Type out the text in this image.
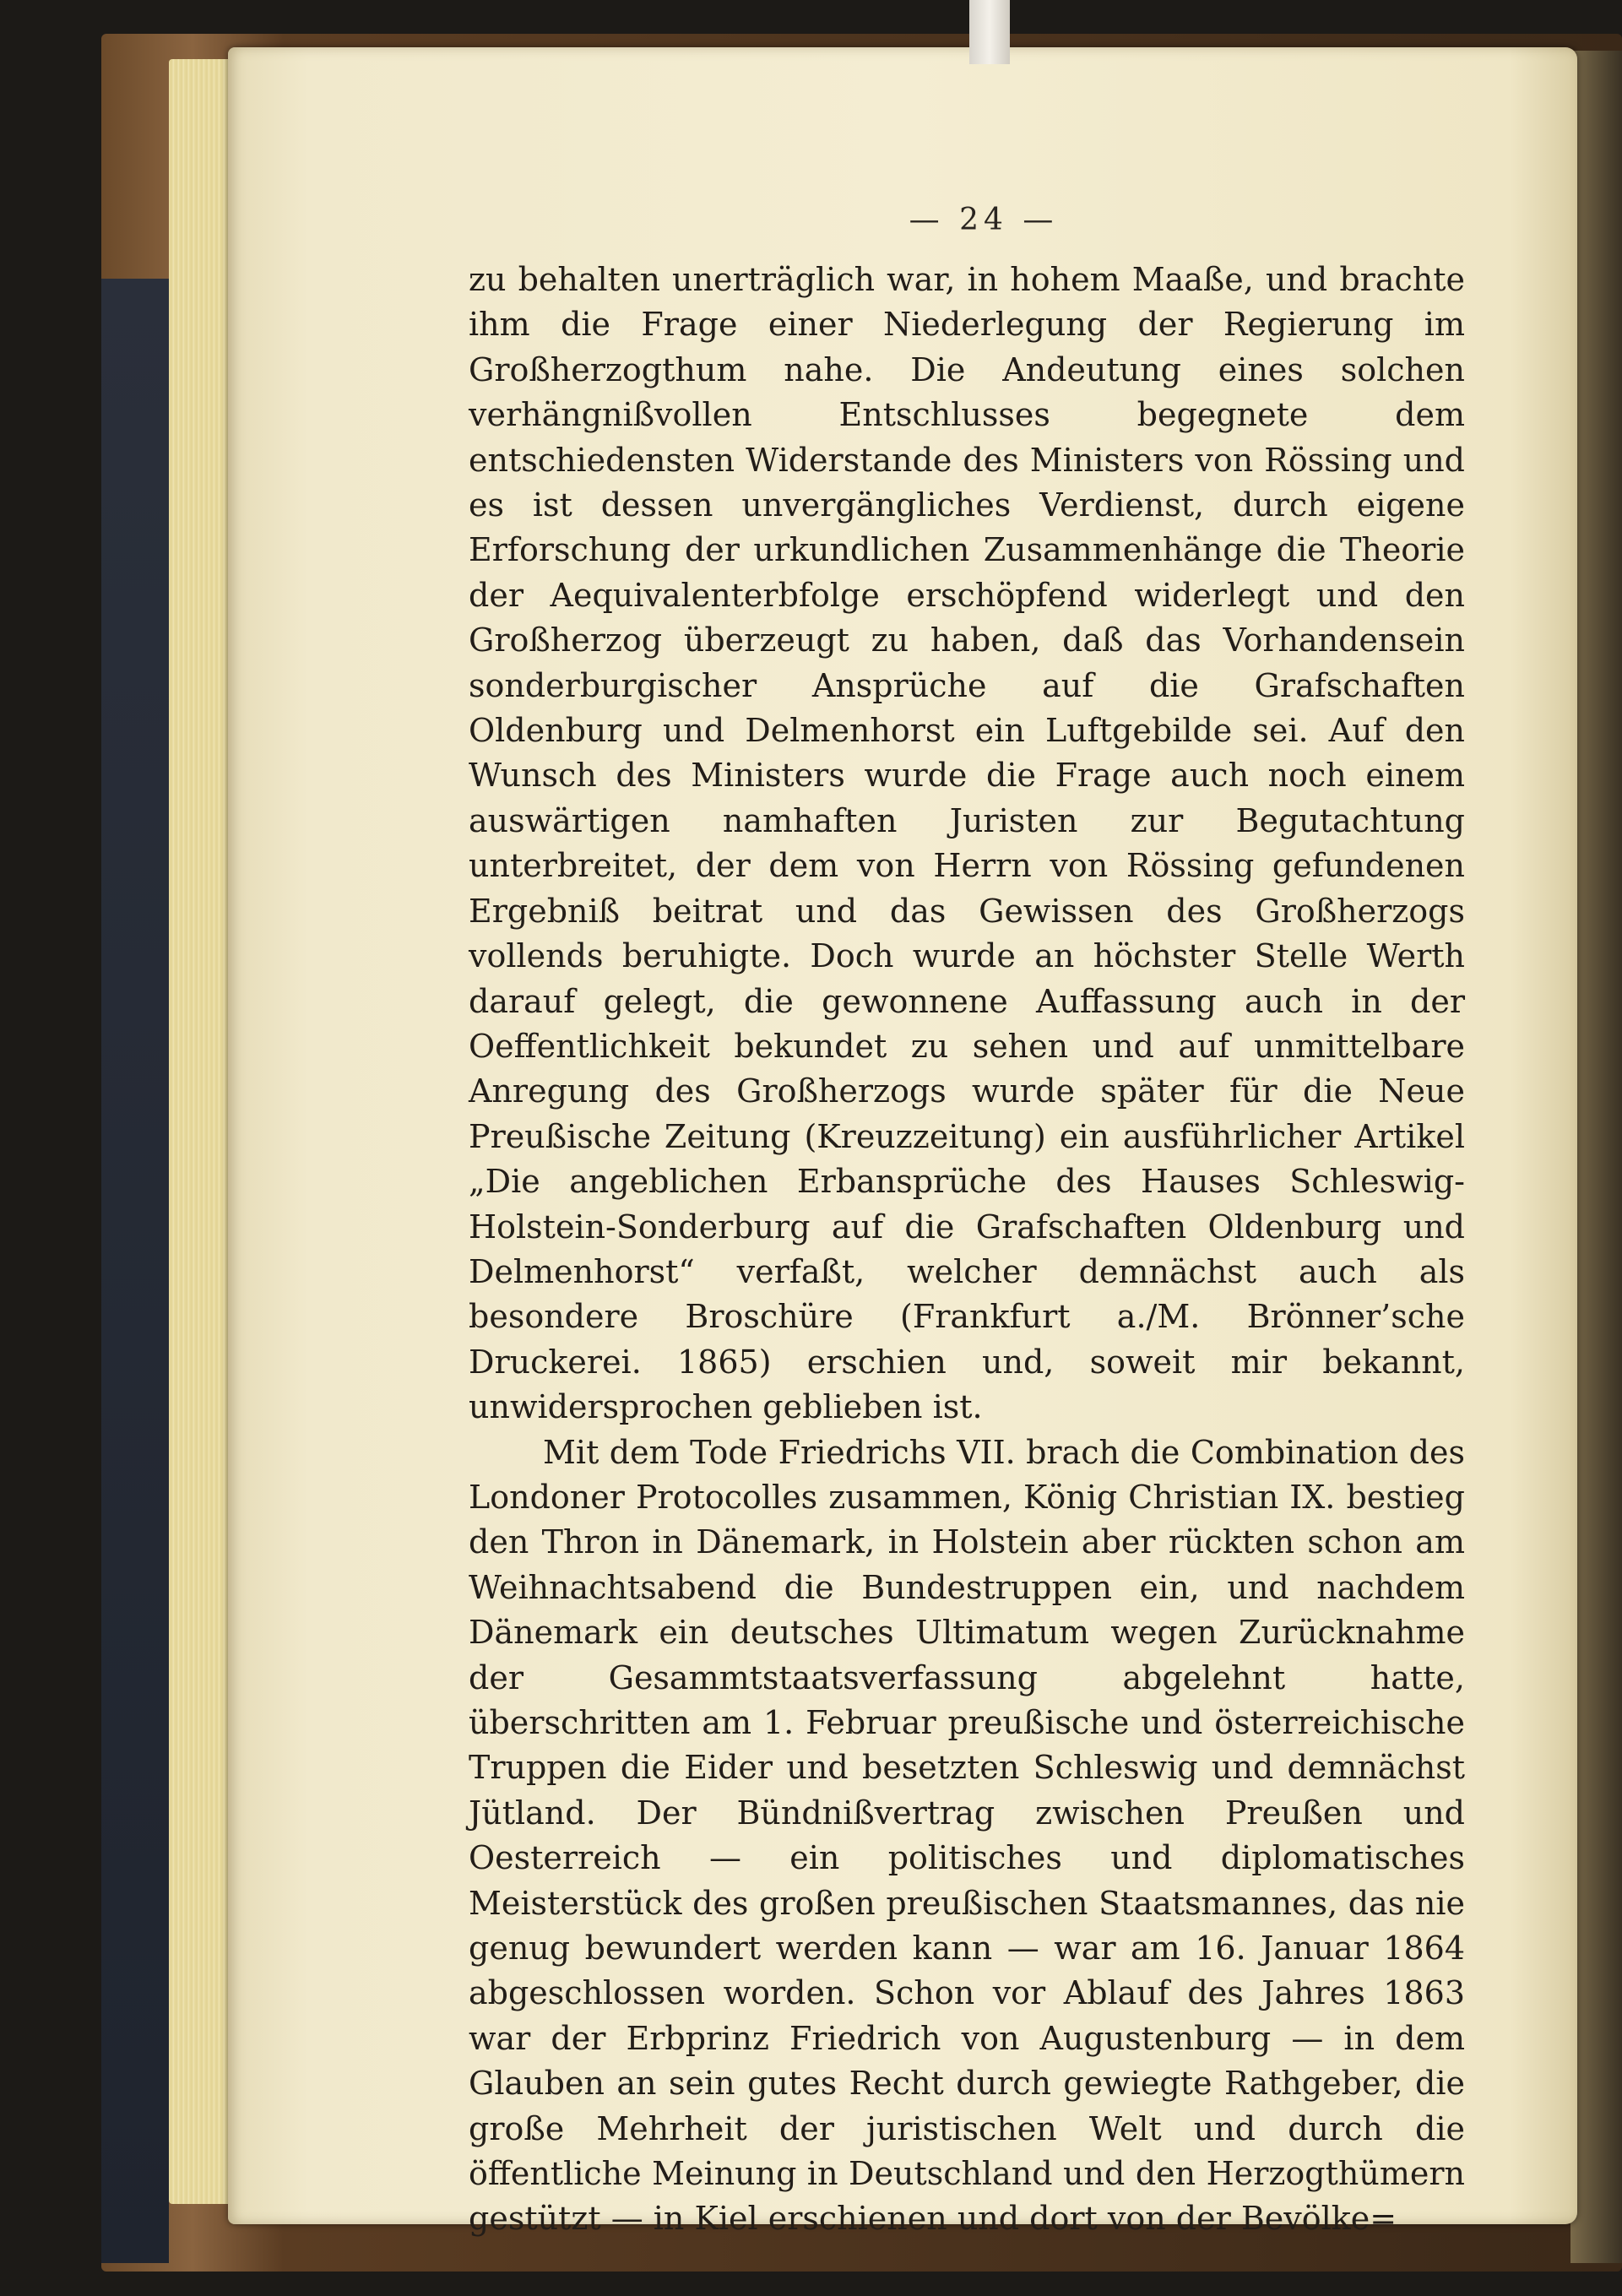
— 24 —

zu behalten unerträglich war, in hohem Maaße, und brachte ihm die Frage einer Niederlegung der Regierung im Großherzogthum nahe. Die Andeutung eines solchen verhängnißvollen Entschlusses begegnete dem entschiedensten Widerstande des Ministers von Rössing und es ist dessen unvergängliches Verdienst, durch eigene Erforschung der urkundlichen Zusammenhänge die Theorie der Aequivalenterbfolge erschöpfend widerlegt und den Großherzog überzeugt zu haben, daß das Vorhandensein sonderburgischer Ansprüche auf die Grafschaften Oldenburg und Delmenhorst ein Luftgebilde sei. Auf den Wunsch des Ministers wurde die Frage auch noch einem auswärtigen namhaften Juristen zur Begutachtung unterbreitet, der dem von Herrn von Rössing gefundenen Ergebniß beitrat und das Gewissen des Großherzogs vollends beruhigte. Doch wurde an höchster Stelle Werth darauf gelegt, die gewonnene Auffassung auch in der Oeffentlichkeit bekundet zu sehen und auf unmittelbare Anregung des Großherzogs wurde später für die Neue Preußische Zeitung (Kreuzzeitung) ein ausführlicher Artikel „Die angeblichen Erbansprüche des Hauses Schleswig-Holstein-Sonderburg auf die Grafschaften Oldenburg und Delmenhorst“ verfaßt, welcher demnächst auch als besondere Broschüre (Frankfurt a./M. Brönner’sche Druckerei. 1865) erschien und, soweit mir bekannt, unwidersprochen geblieben ist.

Mit dem Tode Friedrichs VII. brach die Combination des Londoner Protocolles zusammen, König Christian IX. bestieg den Thron in Dänemark, in Holstein aber rückten schon am Weihnachtsabend die Bundestruppen ein, und nachdem Dänemark ein deutsches Ultimatum wegen Zurücknahme der Gesammtstaatsverfassung abgelehnt hatte, überschritten am 1. Februar preußische und österreichische Truppen die Eider und besetzten Schleswig und demnächst Jütland. Der Bündnißvertrag zwischen Preußen und Oesterreich — ein politisches und diplomatisches Meisterstück des großen preußischen Staatsmannes, das nie genug bewundert werden kann — war am 16. Januar 1864 abgeschlossen worden. Schon vor Ablauf des Jahres 1863 war der Erbprinz Friedrich von Augustenburg — in dem Glauben an sein gutes Recht durch gewiegte Rathgeber, die große Mehrheit der juristischen Welt und durch die öffentliche Meinung in Deutschland und den Herzogthümern gestützt — in Kiel erschienen und dort von der Bevölke=
